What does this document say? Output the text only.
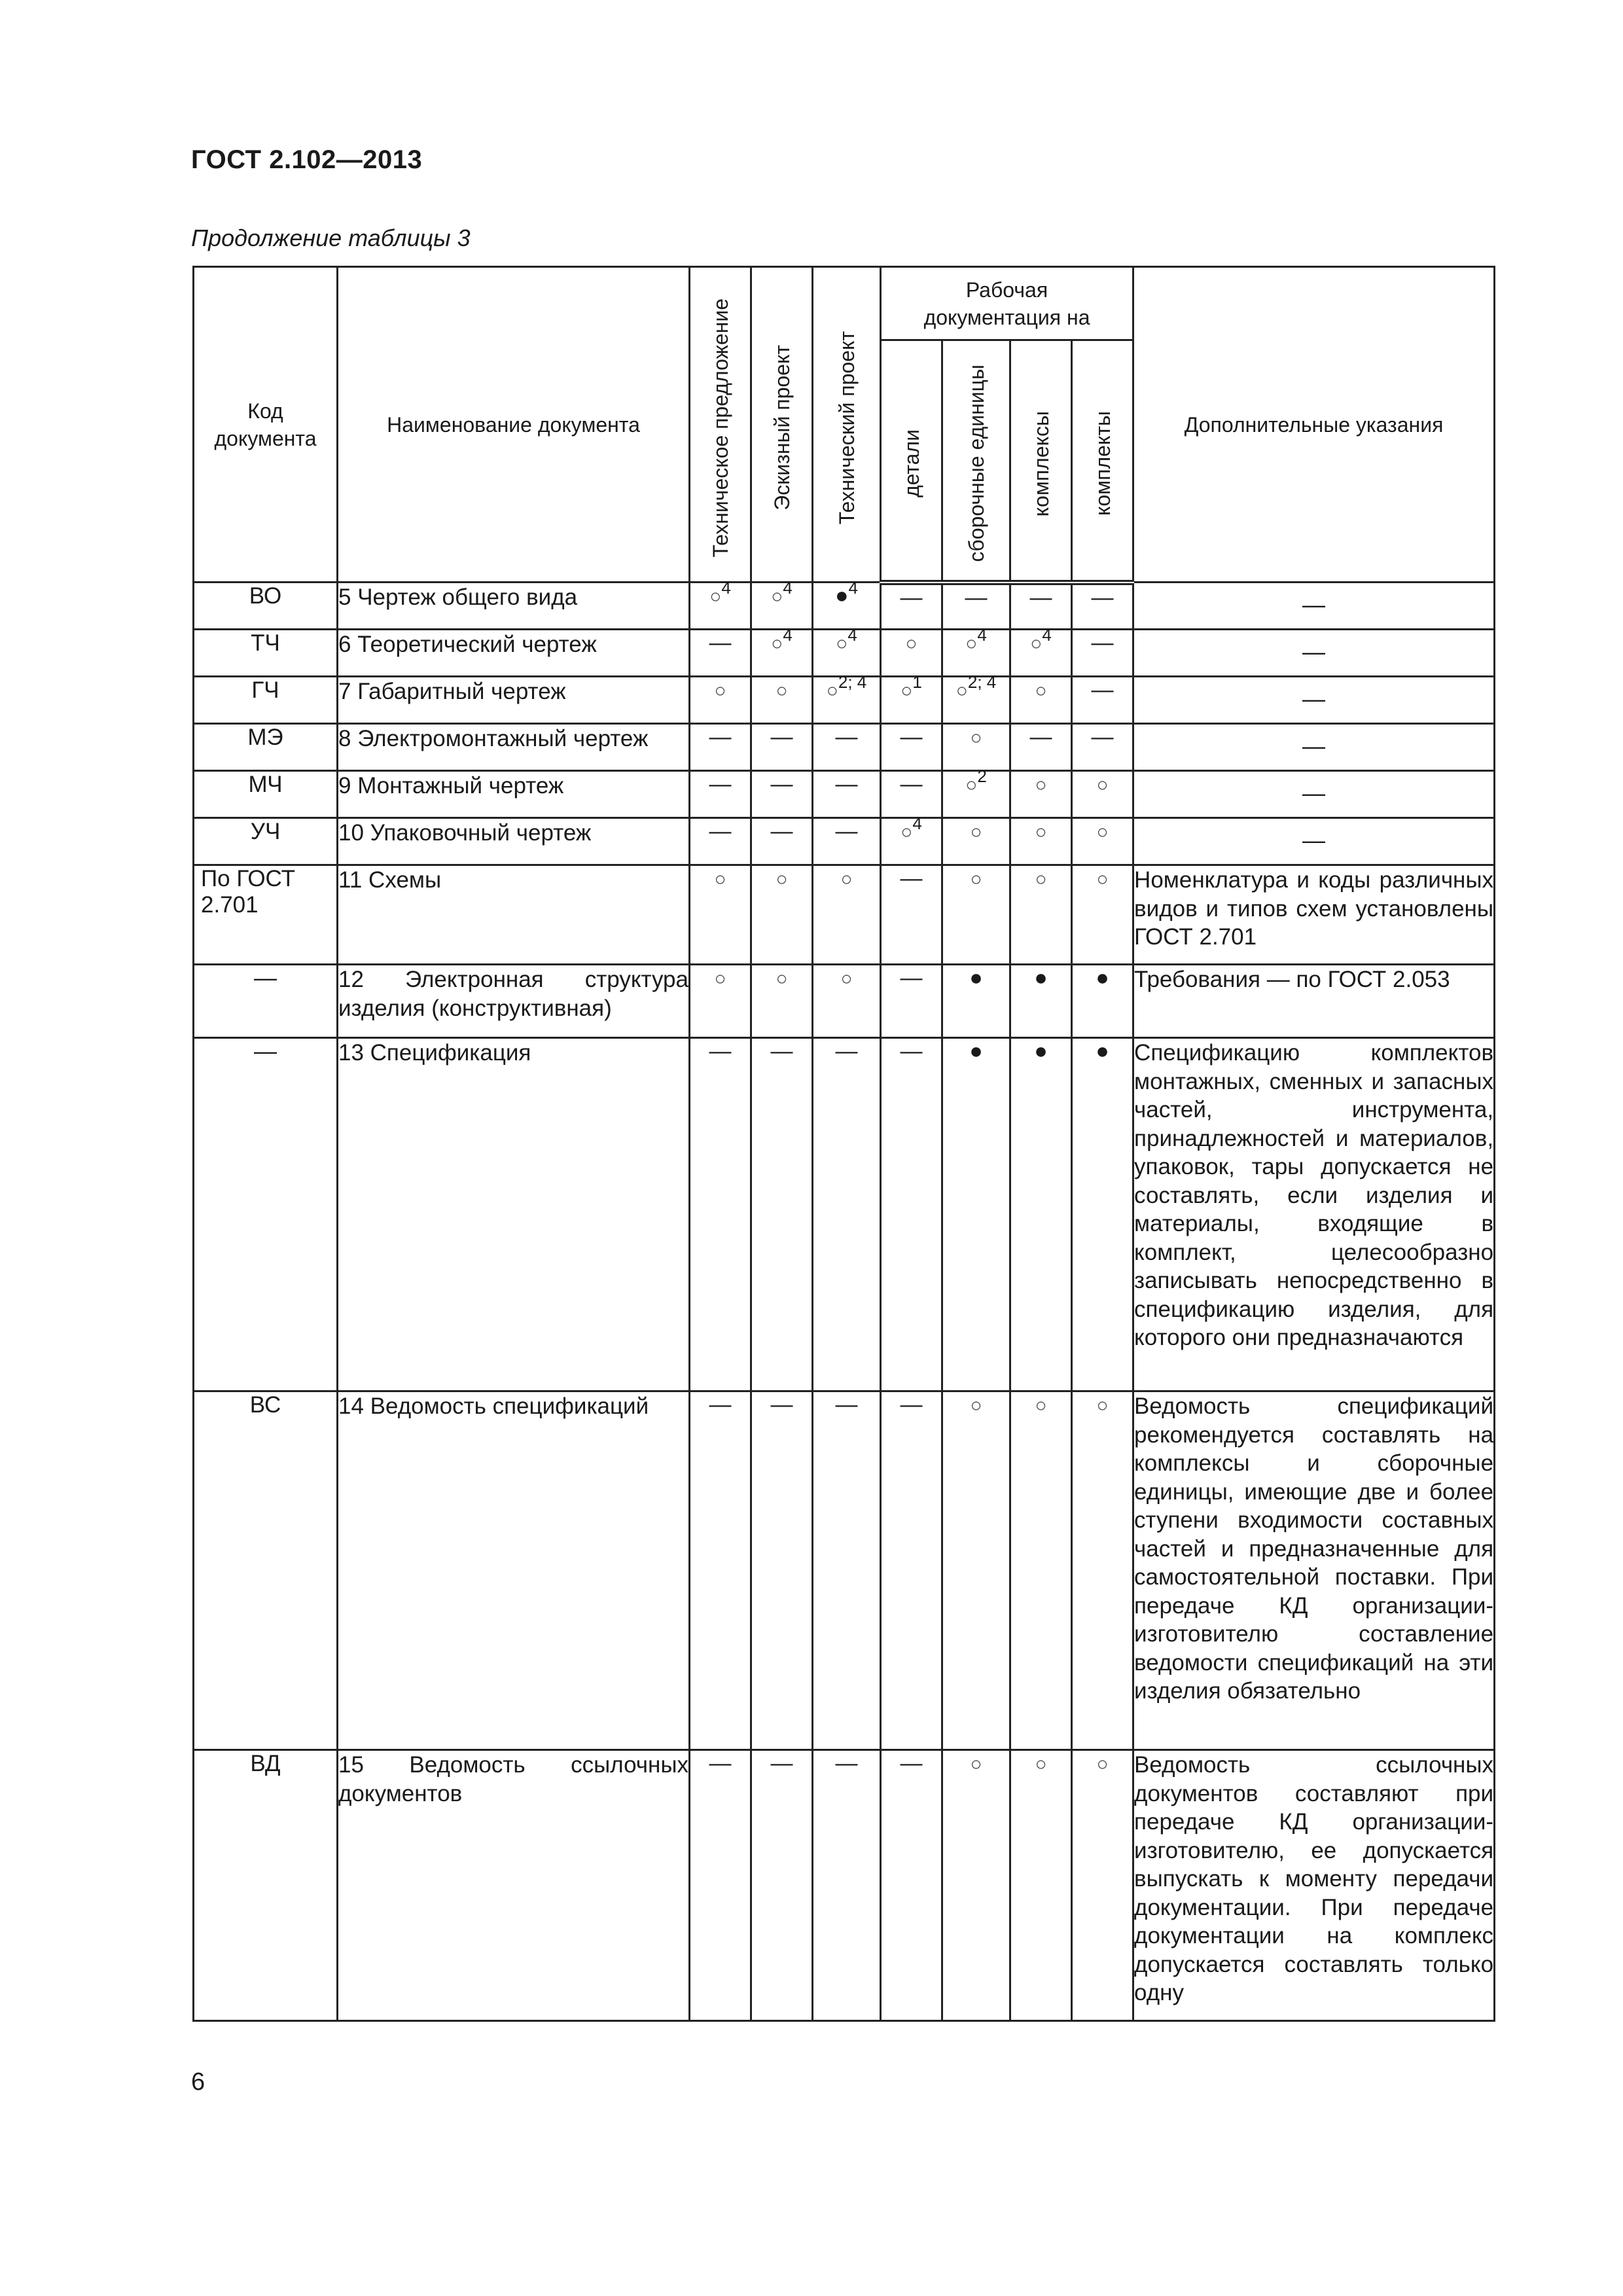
ГОСТ 2.102—2013
Продолжение таблицы 3
Код документа	Наименование документа	Техническое предложение	Эскизный проект	Технический проект	Рабочая документация на				Дополнительные указания
					детали	сборочные единицы	комплексы	комплекты
ВО	5 Чертеж общего вида	○$^4$	○$^4$	●$^4$	—	—	—	—	—
ТЧ	6 Теоретический чертеж	—	○$^4$	○$^4$	○	○$^4$	○$^4$	—	—
ГЧ	7 Габаритный чертеж	○	○	○$^{2; 4}$	○$^1$	○$^{2; 4}$	○	—	—
МЭ	8 Электромонтажный чертеж	—	—	—	—	○	—	—	—
МЧ	9 Монтажный чертеж	—	—	—	—	○$^2$	○	○	—
УЧ	10 Упаковочный чертеж	—	—	—	○$^4$	○	○	○	—
По ГОСТ 2.701	11 Схемы	○	○	○	—	○	○	○	Номенклатура и коды различных видов и типов схем установлены ГОСТ 2.701
—	12 Электронная структура изделия (конструктивная)	○	○	○	—	●	●	●	Требования — по ГОСТ 2.053
—	13 Спецификация	—	—	—	—	●	●	●	Спецификацию комплектов монтажных, сменных и запасных частей, инструмента, принадлежностей и материалов, упаковок, тары допускается не составлять, если изделия и материалы, входящие в комплект, целесообразно записывать непосредственно в спецификацию изделия, для которого они предназначаются
ВС	14 Ведомость спецификаций	—	—	—	—	○	○	○	Ведомость спецификаций рекомендуется составлять на комплексы и сборочные единицы, имеющие две и более ступени входимости составных частей и предназначенные для самостоятельной поставки. При передаче КД организации-изготовителю составление ведомости спецификаций на эти изделия обязательно
ВД	15 Ведомость ссылочных документов	—	—	—	—	○	○	○	Ведомость ссылочных документов составляют при передаче КД организации-изготовителю, ее допускается выпускать к моменту передачи документации. При передаче документации на комплекс допускается составлять только одну
6
